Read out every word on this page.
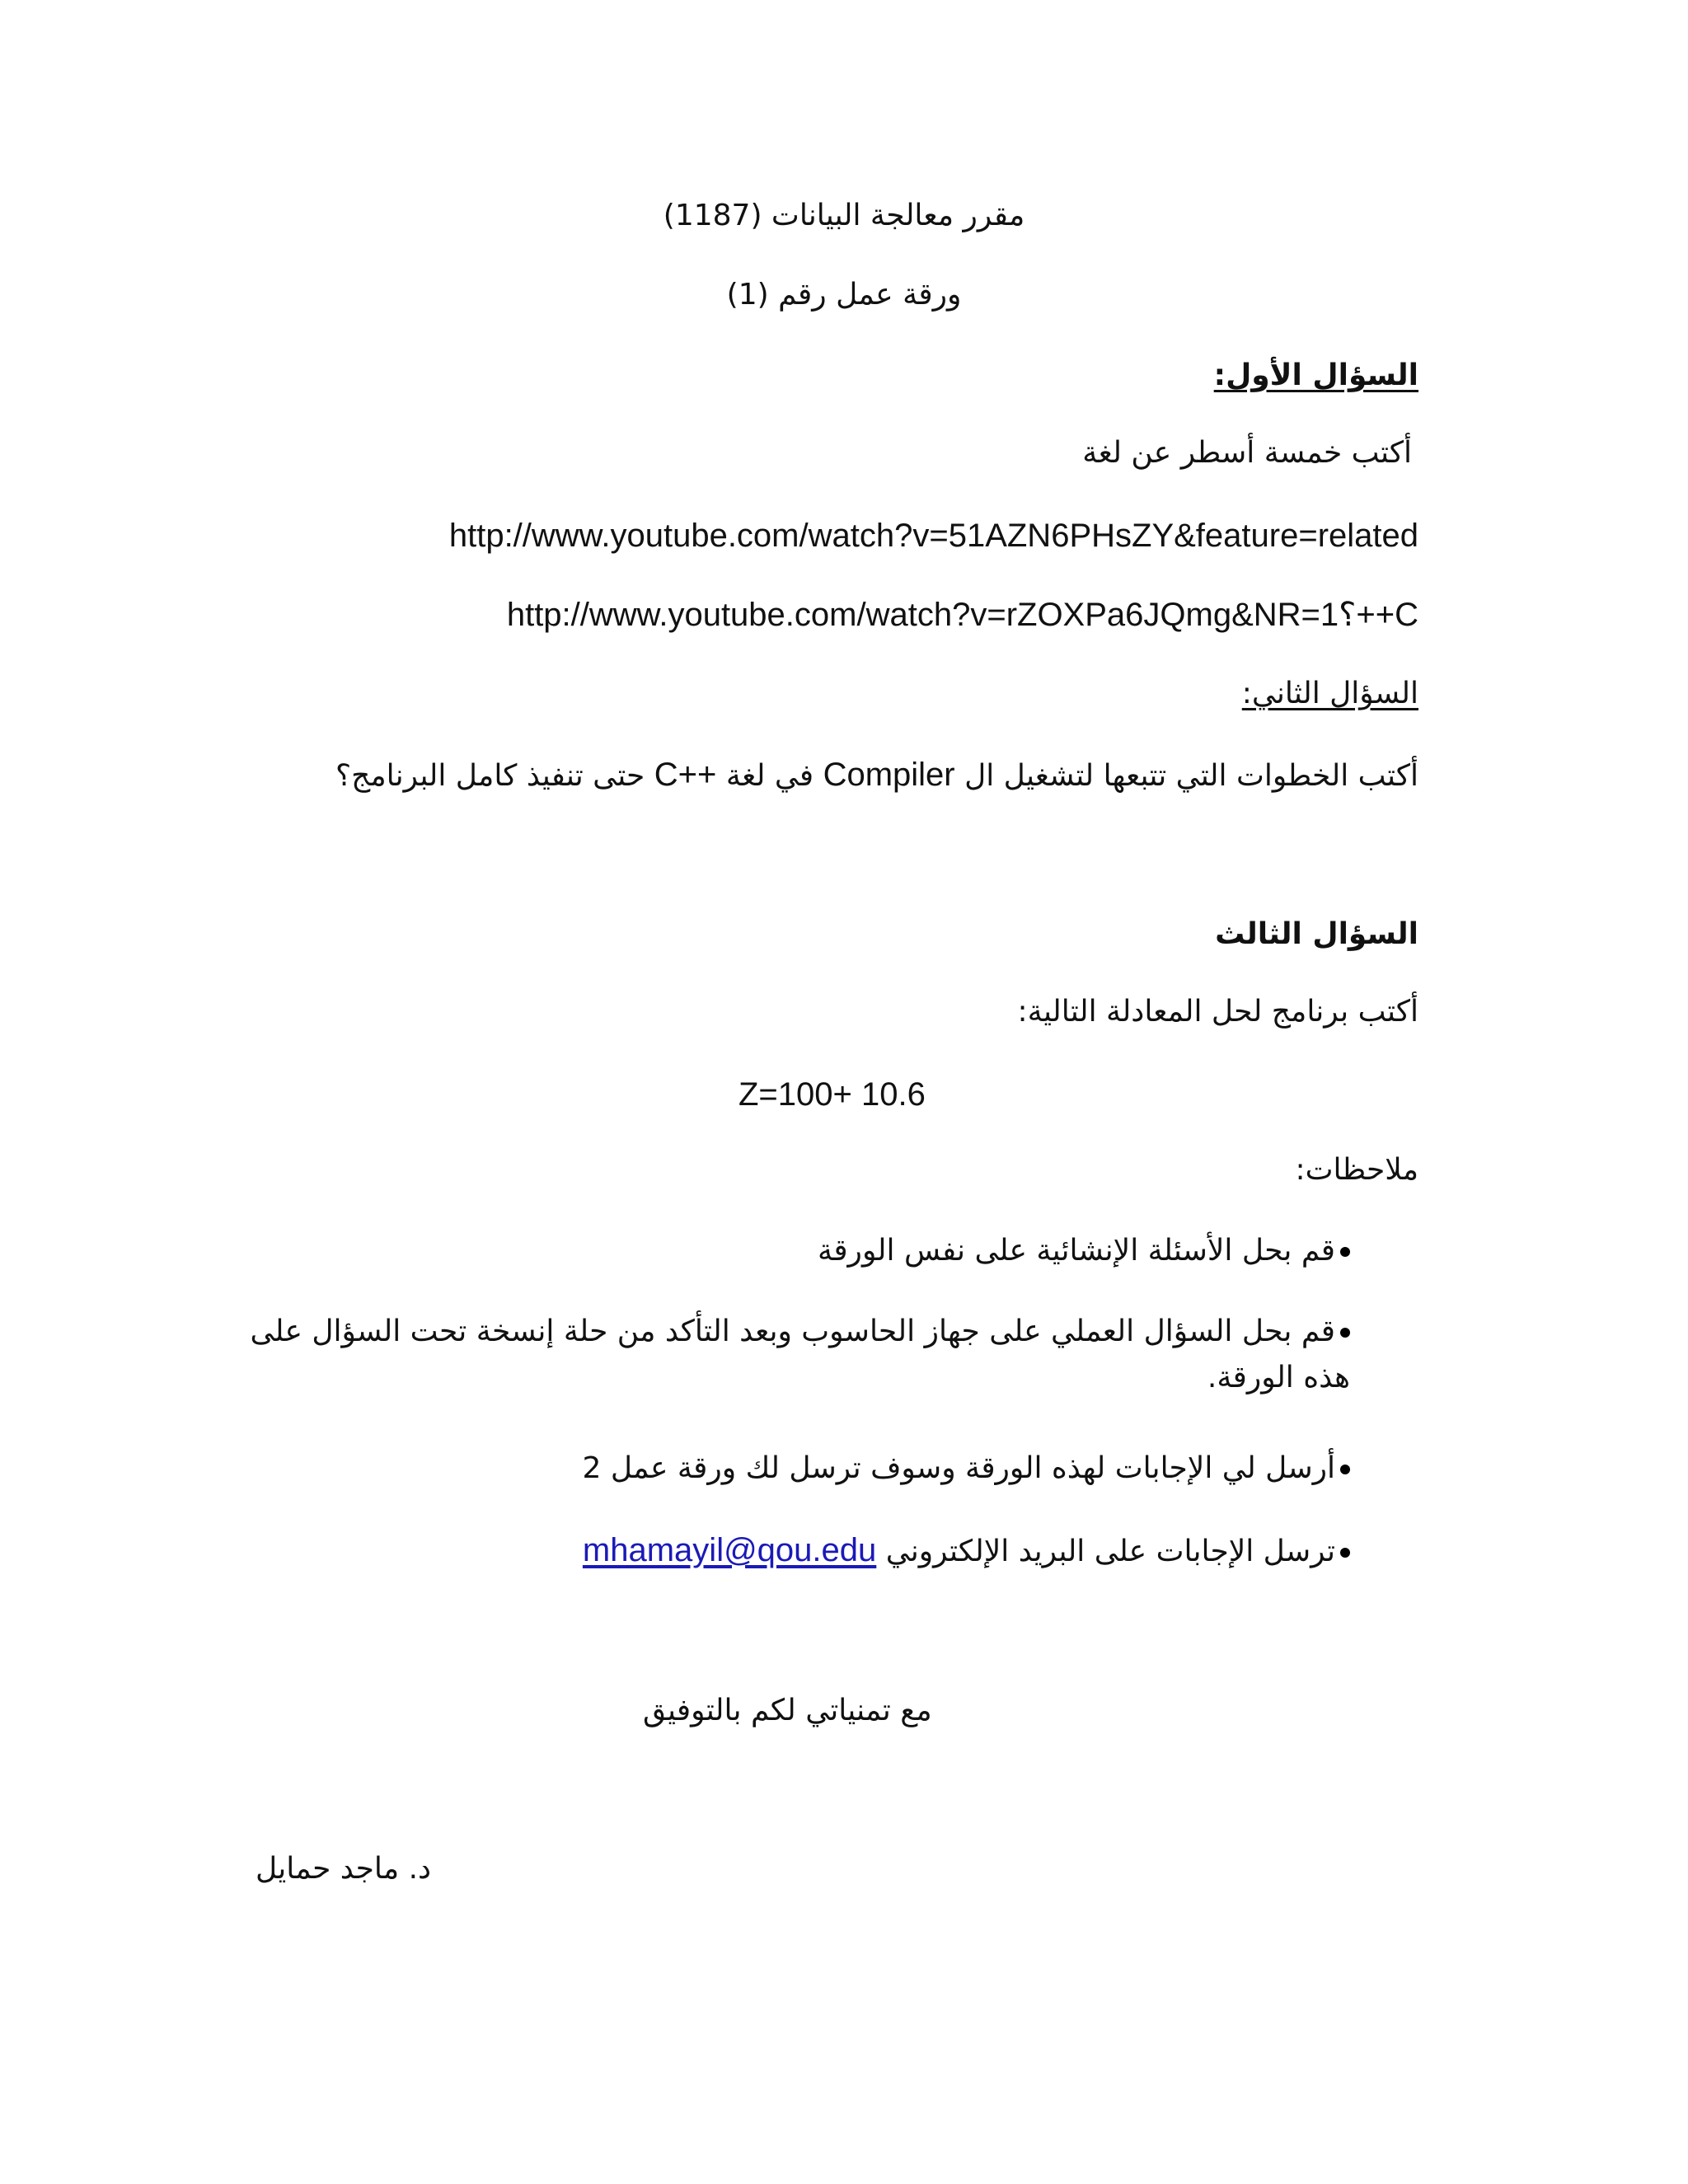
مقرر معالجة البيانات (1187)
ورقة عمل رقم (1)
السؤال الأول:
أكتب خمسة أسطر عن لغة
http://www.youtube.com/watch?v=51AZN6PHsZY&feature=related
http://www.youtube.com/watch?v=rZOXPa6JQmg&NR=1C++؟
السؤال الثاني:
أكتب الخطوات التي تتبعها لتشغيل ال Compiler في لغة C++ حتى تنفيذ كامل البرنامج؟
السؤال الثالث
أكتب برنامج لحل المعادلة التالية:
Z=100+ 10.6
ملاحظات:
قم بحل الأسئلة الإنشائية على نفس الورقة
قم بحل السؤال العملي على جهاز الحاسوب وبعد التأكد من حلة إنسخة تحت السؤال على هذه الورقة.
أرسل لي الإجابات لهذه الورقة وسوف ترسل لك ورقة عمل 2
ترسل الإجابات على البريد الإلكتروني mhamayil@qou.edu
مع تمنياتي لكم بالتوفيق
د. ماجد حمايل
